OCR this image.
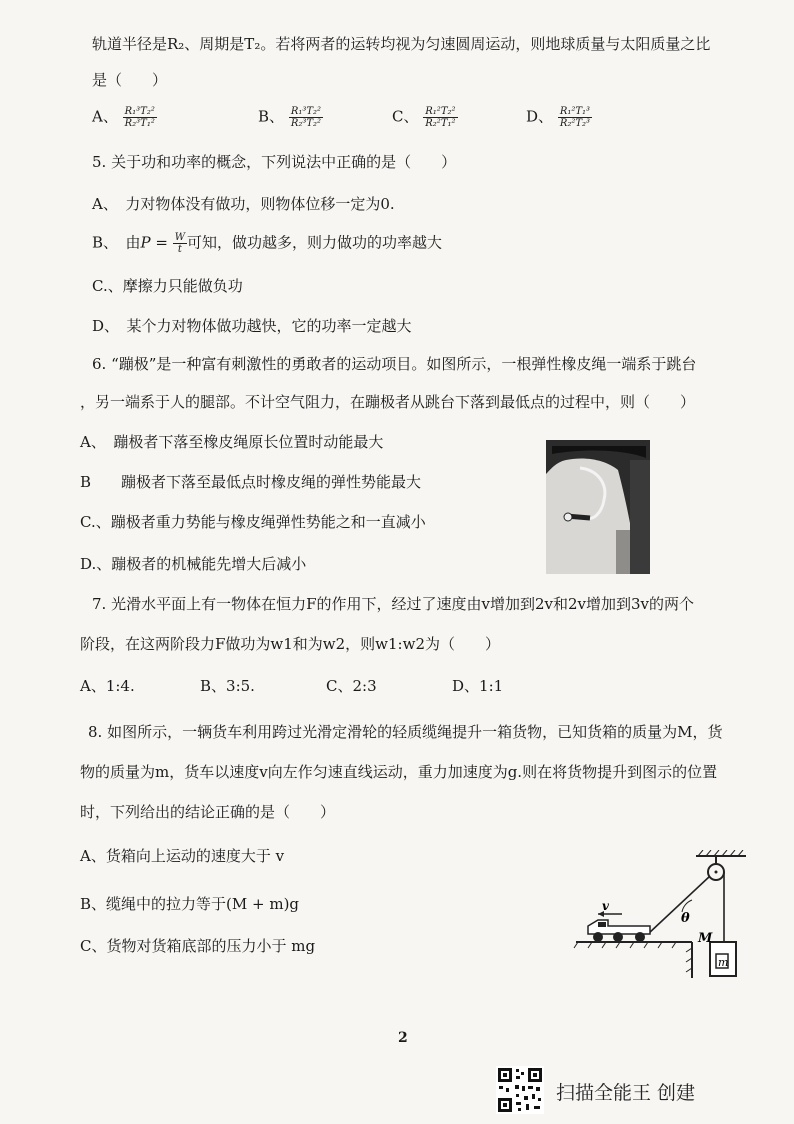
轨道半径是R₂、周期是T₂。若将两者的运转均视为匀速圆周运动，则地球质量与太阳质量之比
是（　　）
A、 $\frac{\text{R₁³T₂²}}{\text{R₂³T₁²}}$	B、 $\frac{\text{R₁³T₂²}}{\text{R₂³T₂²}}$	C、 $\frac{\text{R₁²T₂²}}{\text{R₂²T₁²}}$	D、 $\frac{\text{R₁²T₁³}}{\text{R₂²T₂³}}$
5. 关于功和功率的概念，下列说法中正确的是（　　）
A、　力对物体没有做功，则物体位移一定为0.
B、　由$P = \frac{W}{t}$ 可知，做功越多，则力做功的功率越大
C.、摩擦力只能做负功
D、　某个力对物体做功越快，它的功率一定越大
6. “蹦极”是一种富有刺激性的勇敢者的运动项目。如图所示，一根弹性橡皮绳一端系于跳台
，另一端系于人的腿部。不计空气阻力，在蹦极者从跳台下落到最低点的过程中，则（　　）
A、　蹦极者下落至橡皮绳原长位置时动能最大
B　　蹦极者下落至最低点时橡皮绳的弹性势能最大
C.、蹦极者重力势能与橡皮绳弹性势能之和一直减小
D.、蹦极者的机械能先增大后减小
7. 光滑水平面上有一物体在恒力F的作用下，经过了速度由v增加到2v和2v增加到3v的两个
阶段，在这两阶段力F做功为w1和为w2，则w1:w2为（　　）
A、1:4.	B、3:5.	C、2:3	D、1:1
8. 如图所示，一辆货车利用跨过光滑定滑轮的轻质缆绳提升一箱货物，已知货箱的质量为M，货
物的质量为m，货车以速度v向左作匀速直线运动，重力加速度为g.则在将货物提升到图示的位置
时，下列给出的结论正确的是（　　）
A、货箱向上运动的速度大于 v
B、缆绳中的拉力等于(M + m)g
C、货物对货箱底部的压力小于 mg
θ
v
m
M
2
扫描全能王 创建
